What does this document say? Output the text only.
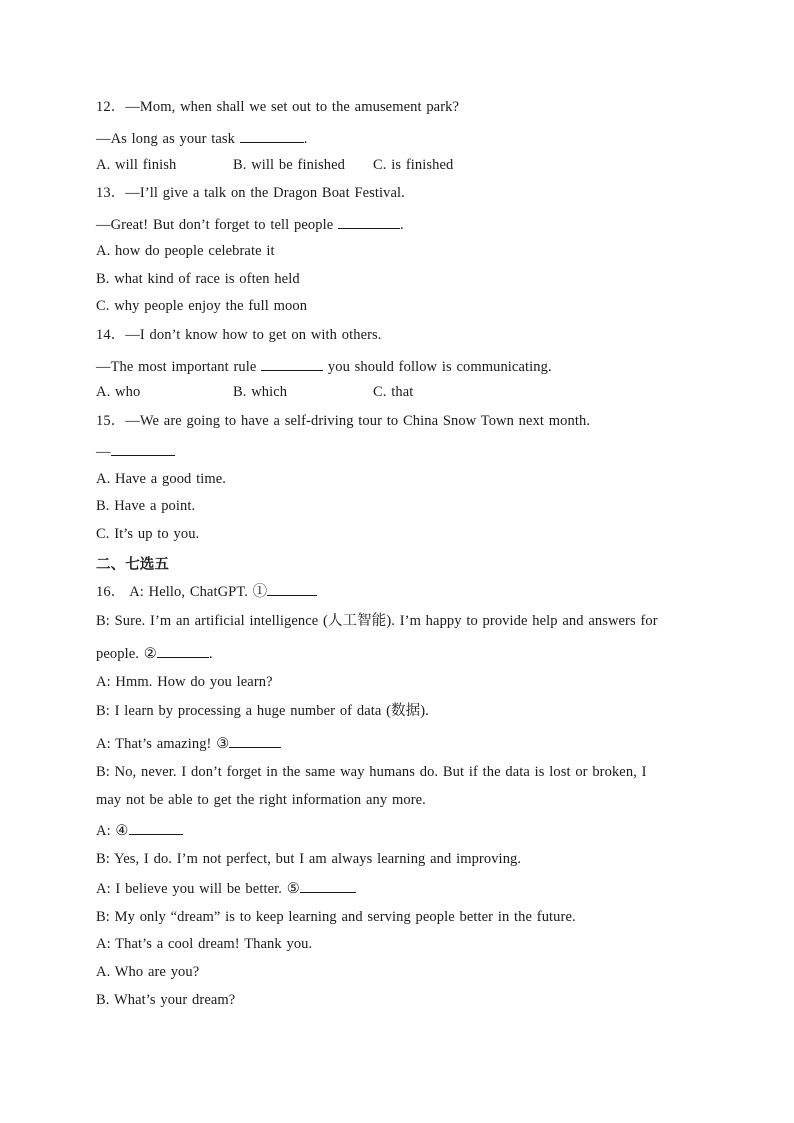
12．—Mom, when shall we set out to the amusement park?
—As long as your task	.
A. will finish	B. will be finished C. is finished
13．—I’ll give a talk on the Dragon Boat Festival.
—Great! But don’t forget to tell people	.
A. how do people celebrate it
B. what kind of race is often held
C. why people enjoy the full moon
14．—I don’t know how to get on with others.
—The most important rule	you should follow is communicating.
A. who	B. which	C. that
15．—We are going to have a self-driving tour to China Snow Town next month.
—
A. Have a good time.
B. Have a point.
C. It’s up to you.
二、七选五
16． A: Hello, ChatGPT. ①
B: Sure. I’m an artificial intelligence (人工智能). I’m happy to provide help and answers for
people. ②	.
A: Hmm. How do you learn?
B: I learn by processing a huge number of data (数据).
A: That’s amazing! ③
B: No, never. I don’t forget in the same way humans do. But if the data is lost or broken, I
may not be able to get the right information any more.
A: ④
B: Yes, I do. I’m not perfect, but I am always learning and improving.
A: I believe you will be better. ⑤
B: My only “dream” is to keep learning and serving people better in the future.
A: That’s a cool dream! Thank you.
A. Who are you?
B. What’s your dream?
